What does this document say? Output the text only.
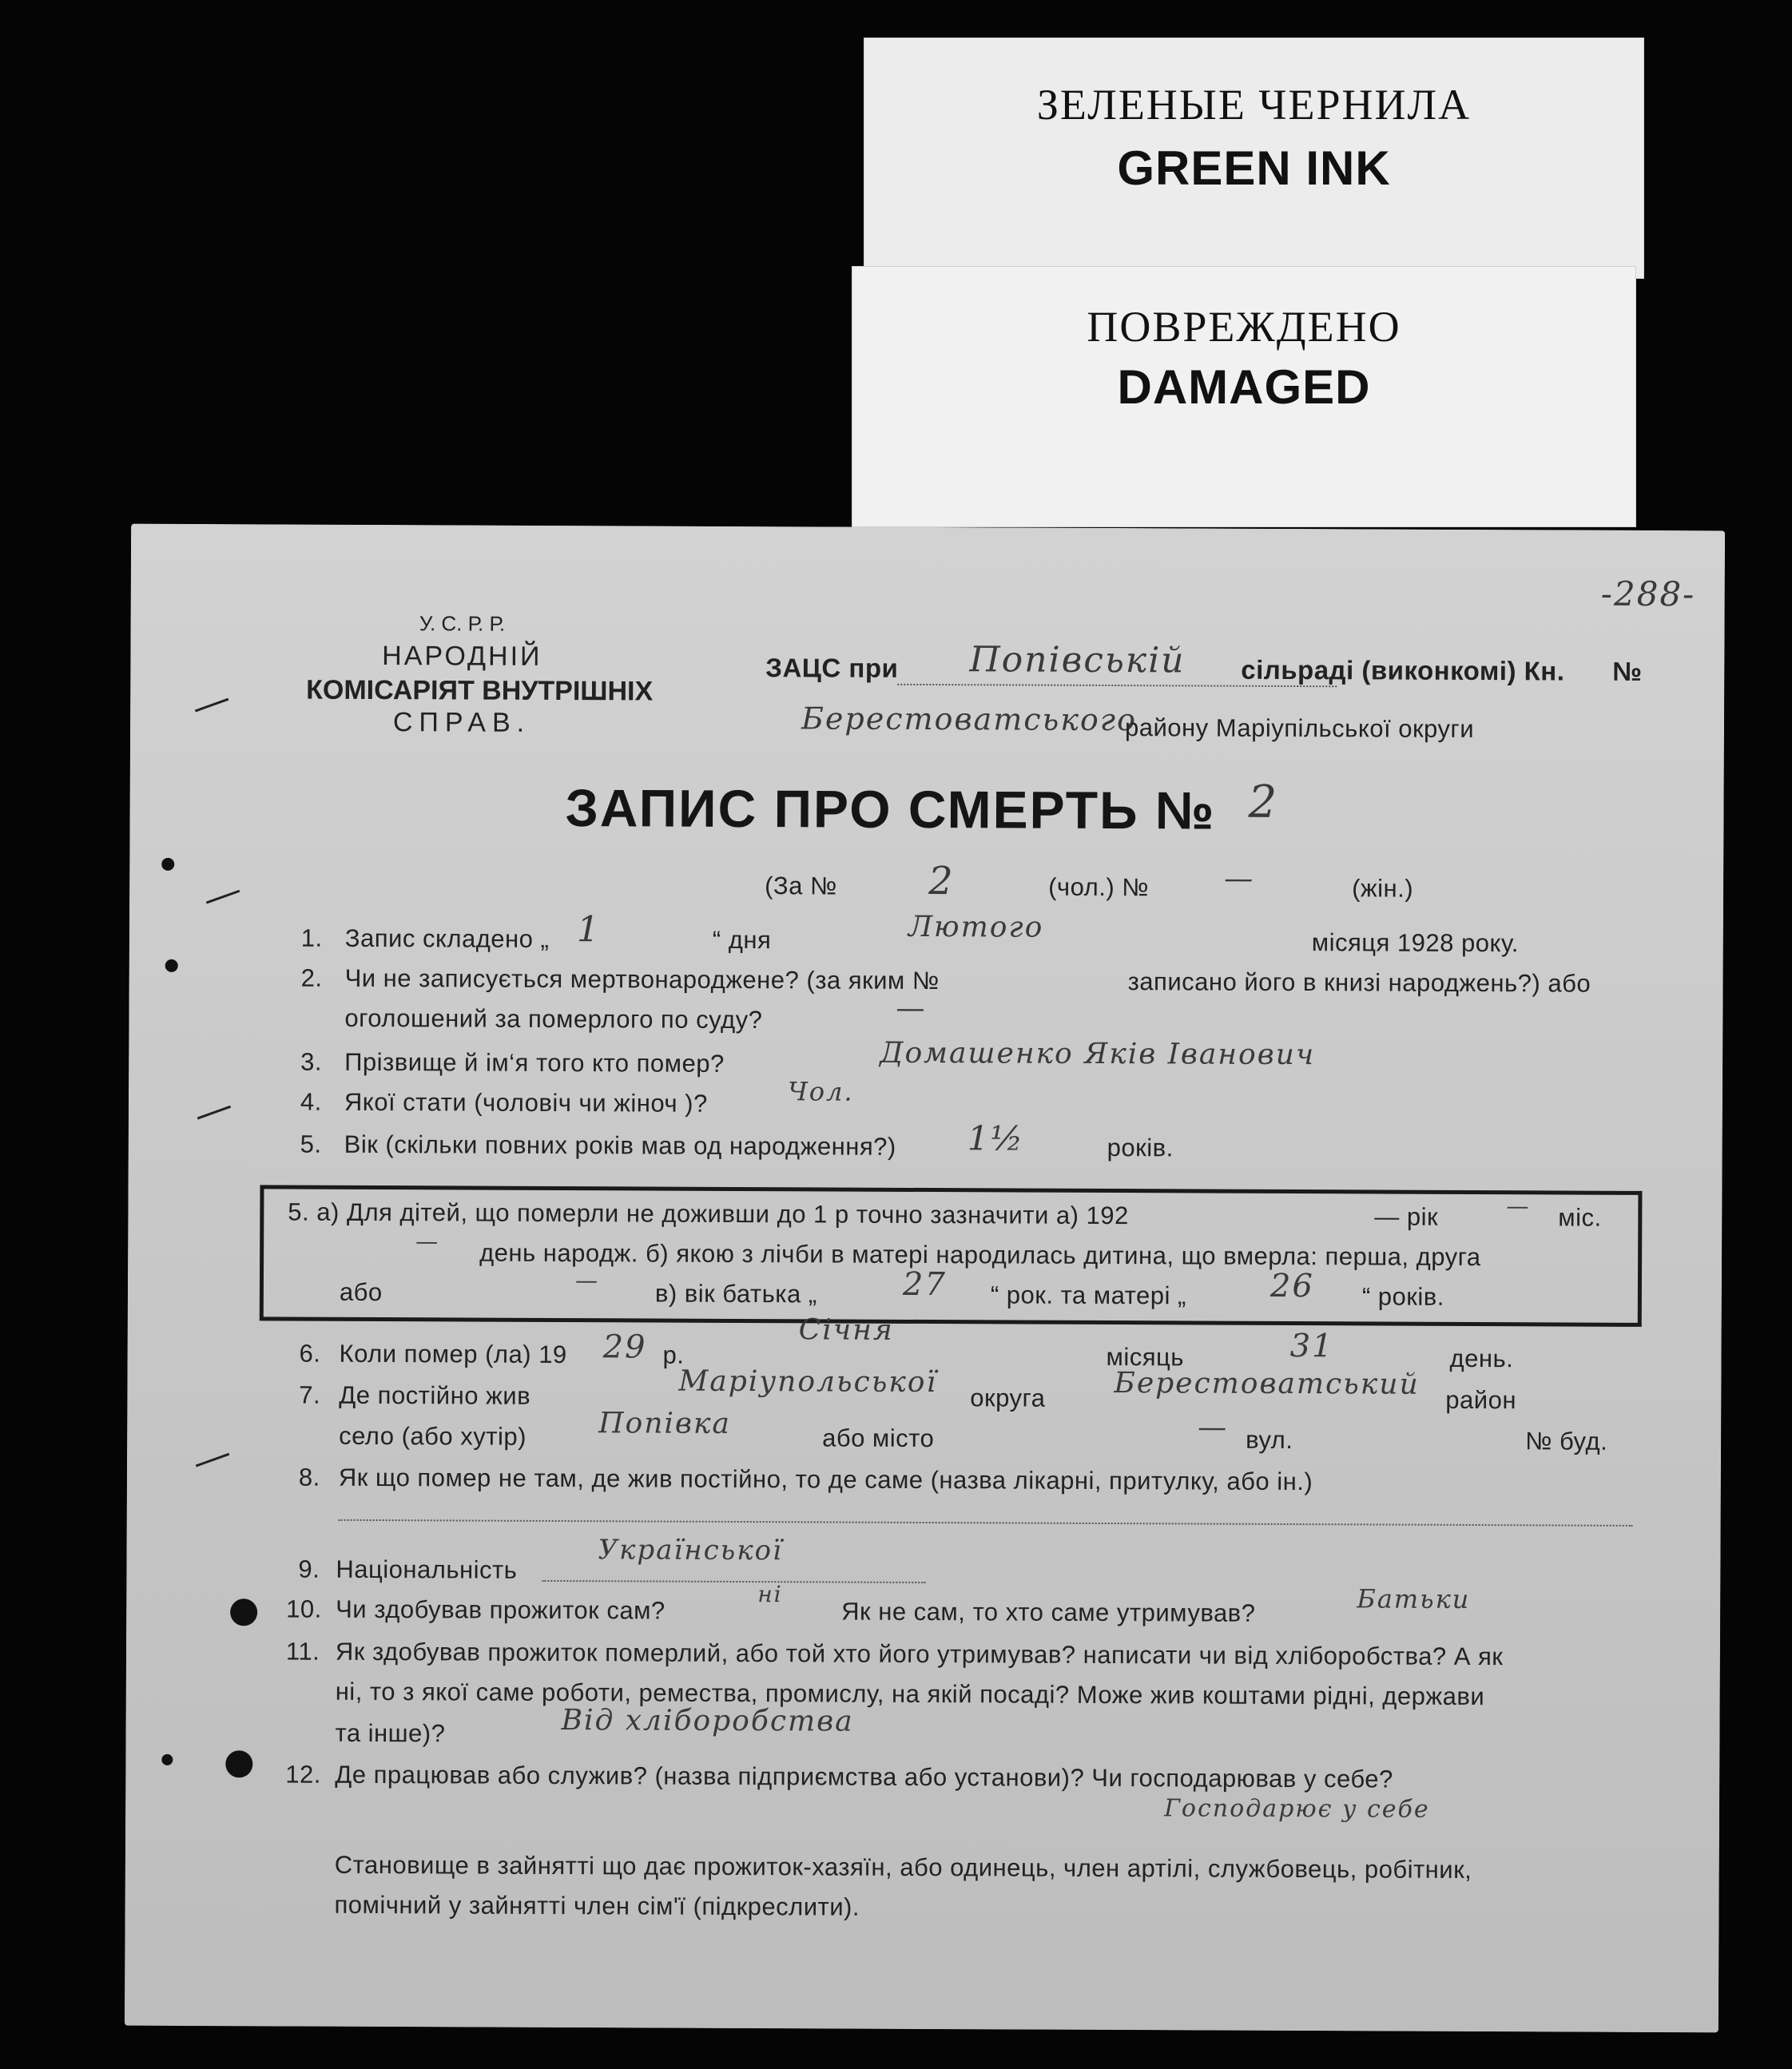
ЗЕЛЕНЫЕ ЧЕРНИЛА
GREEN INK
ПОВРЕЖДЕНО
DAMAGED
-288-
У. С. Р. Р.
НАРОДНІЙ
КОМІСАРІЯТ ВНУТРІШНІХ
СПРАВ.
ЗАЦС при Попівській сільраді (виконкомі) Кн. №
Берестоватського
району Маріупільської округи
ЗАПИС ПРО СМЕРТЬ № 2
(За № 2	(чол.) №	—	(жін.)
1. Запис складено „ 1	“ дня	Лютого	місяця 1928 року.
2. Чи не записується мертвонароджене? (за яким №	записано його в книзі народжень?) або
оголошений за померлого по суду?	—
3. Прізвище й ім‘я того кто помер?	Домашенко Яків Іванович
4. Якої стати (чоловіч чи жіноч )?	Чол.
5. Вік (скільки повних років мав од народження?) 1½	років.
5. а) Для дітей, що померли не доживши до 1 р точно зазначити а) 192	— рік	— міс.
— день народж. б) якою з лічби в матері народилась дитина, що вмерла: перша, друга
або	— в) вік батька „	27 “ рок. та матері „	26 “ років.
6. Коли помер (ла) 19 29 р.
Січня
місяць	31	день.
7. Де постійно жив	Маріупольської округа Берестоватський район
село (або хутір)	Попівка	або місто	— вул.	№ буд.
8. Як що помер не там, де жив постійно, то де саме (назва лікарні, притулку, або ін.)
9. Національність
Українськoї
10. Чи здобував прожиток сам?
ні
Як не сам, то хто саме утримував?	Батьки
11. Як здобував прожиток померлий, або той хто його утримував? написати чи від хліборобства? А як
ні, то з якої саме роботи, ремества, промислу, на якій посаді? Може жив коштами рідні, держави
та інше)?	Від хліборобства
12. Де працював або служив? (назва підприємства або установи)? Чи господарював у себе?
Господарює у себе
Становище в зайнятті що дає прожиток-хазяїн, або одинець, член артілі, службовець, робітник,
помічний у зайнятті член сім'ї (підкреслити).
